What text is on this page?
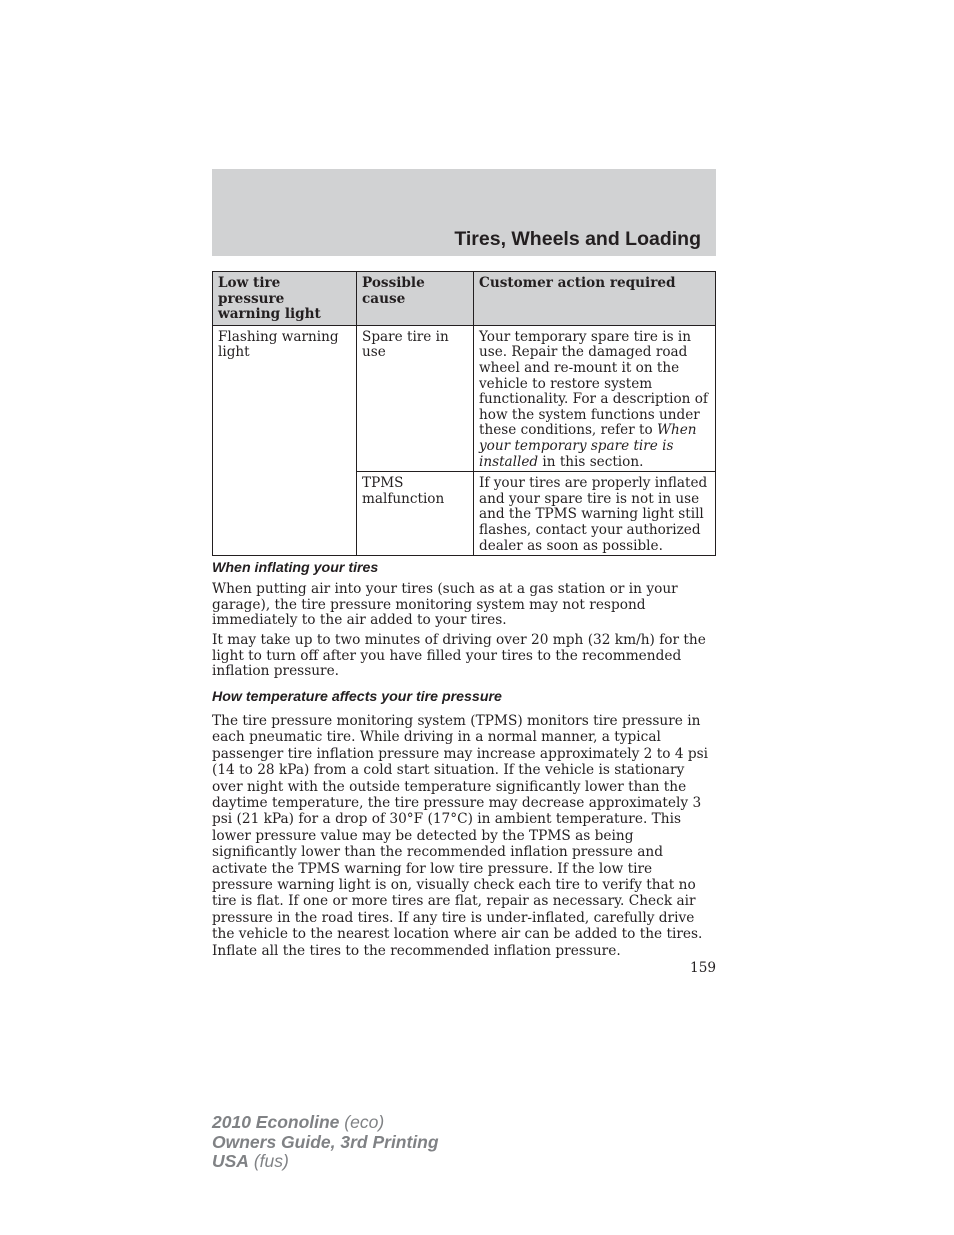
Tires, Wheels and Loading
Low tire pressure warning light	Possible cause	Customer action required
Flashing warning light	Spare tire in use	Your temporary spare tire is in use. Repair the damaged road wheel and re-mount it on the vehicle to restore system functionality. For a description of how the system functions under these conditions, refer to When your temporary spare tire is installed in this section.
	TPMS malfunction	If your tires are properly inflated and your spare tire is not in use and the TPMS warning light still flashes, contact your authorized dealer as soon as possible.
When inflating your tires

When putting air into your tires (such as at a gas station or in your garage), the tire pressure monitoring system may not respond immediately to the air added to your tires.

It may take up to two minutes of driving over 20 mph (32 km/h) for the light to turn off after you have filled your tires to the recommended inflation pressure.

How temperature affects your tire pressure

The tire pressure monitoring system (TPMS) monitors tire pressure in each pneumatic tire. While driving in a normal manner, a typical passenger tire inflation pressure may increase approximately 2 to 4 psi (14 to 28 kPa) from a cold start situation. If the vehicle is stationary over night with the outside temperature significantly lower than the daytime temperature, the tire pressure may decrease approximately 3 psi (21 kPa) for a drop of 30°F (17°C) in ambient temperature. This lower pressure value may be detected by the TPMS as being significantly lower than the recommended inflation pressure and activate the TPMS warning for low tire pressure. If the low tire pressure warning light is on, visually check each tire to verify that no tire is flat. If one or more tires are flat, repair as necessary. Check air pressure in the road tires. If any tire is under-inflated, carefully drive the vehicle to the nearest location where air can be added to the tires. Inflate all the tires to the recommended inflation pressure.

159
2010 Econoline (eco)
Owners Guide, 3rd Printing
USA (fus)
